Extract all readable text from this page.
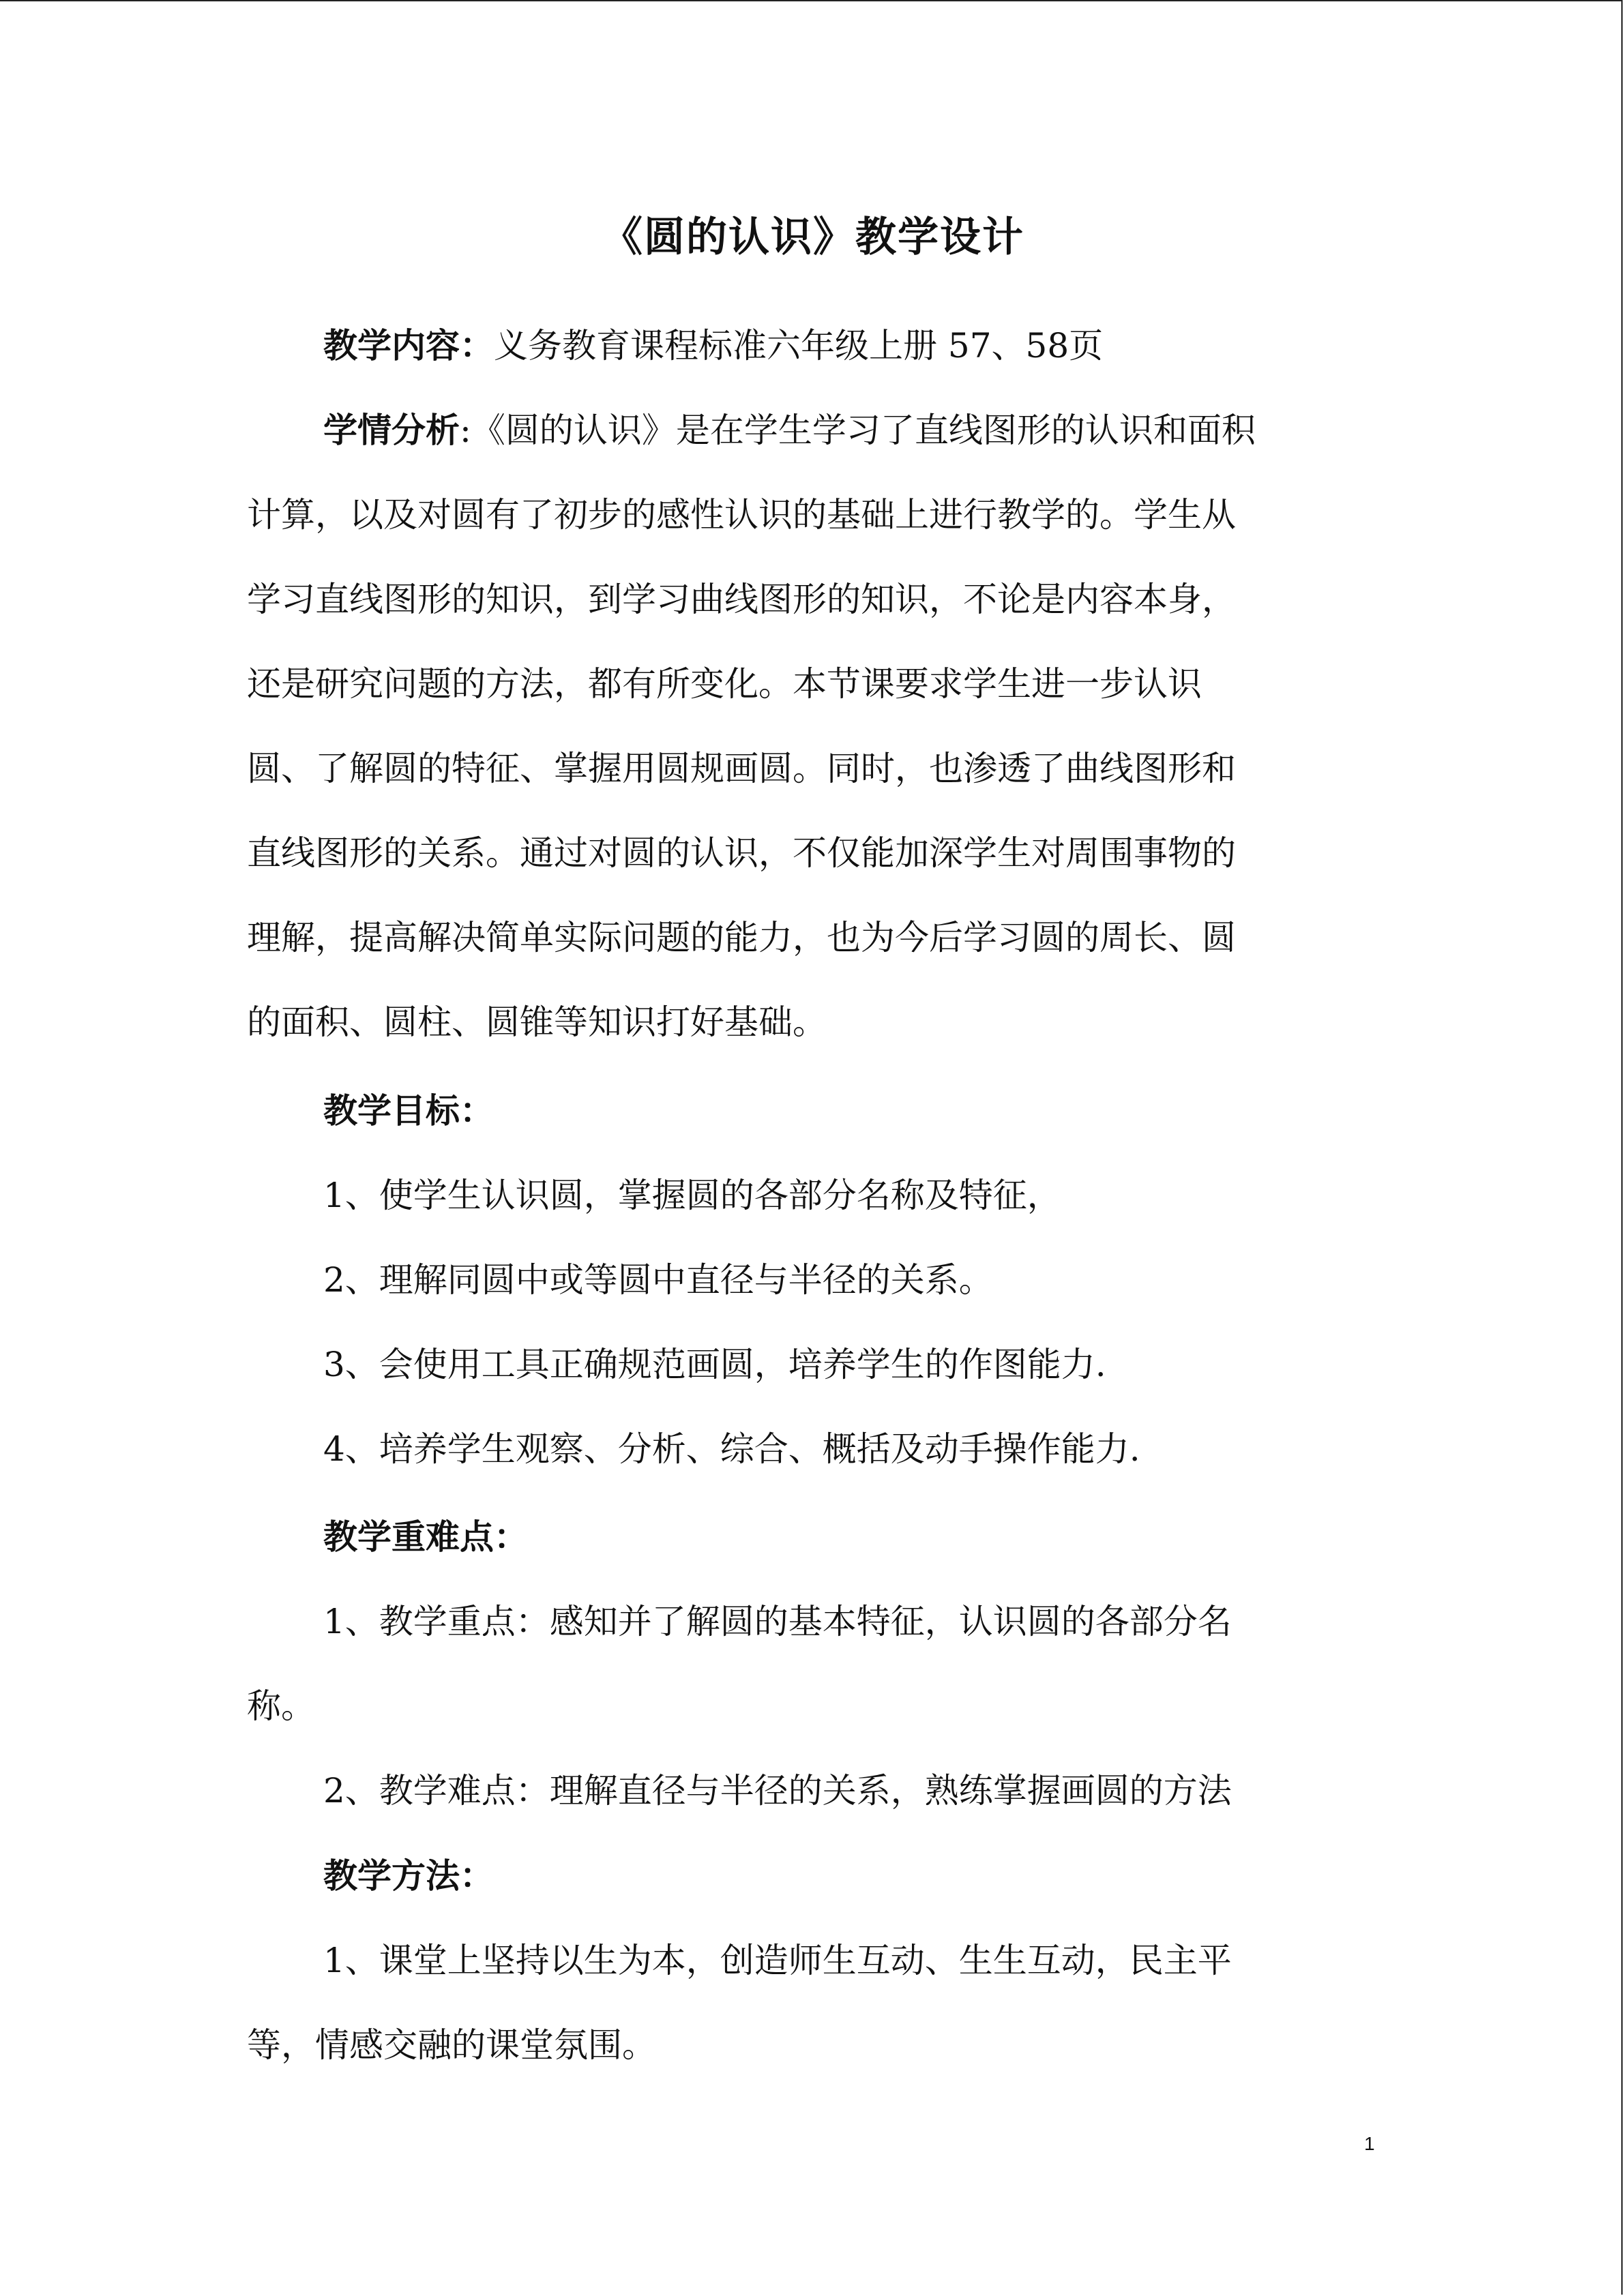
《圆的认识》教学设计
教学内容：义务教育课程标准六年级上册 57、58页
学情分析:《圆的认识》是在学生学习了直线图形的认识和面积
计算，以及对圆有了初步的感性认识的基础上进行教学的。学生从
学习直线图形的知识，到学习曲线图形的知识，不论是内容本身，
还是研究问题的方法，都有所变化。本节课要求学生进一步认识
圆、了解圆的特征、掌握用圆规画圆。同时，也渗透了曲线图形和
直线图形的关系。通过对圆的认识，不仅能加深学生对周围事物的
理解，提高解决简单实际问题的能力，也为今后学习圆的周长、圆
的面积、圆柱、圆锥等知识打好基础。
教学目标：
1、使学生认识圆，掌握圆的各部分名称及特征，
2、理解同圆中或等圆中直径与半径的关系。
3、会使用工具正确规范画圆，培养学生的作图能力.
4、培养学生观察、分析、综合、概括及动手操作能力.
教学重难点：
1、教学重点：感知并了解圆的基本特征，认识圆的各部分名
称。
2、教学难点：理解直径与半径的关系，熟练掌握画圆的方法
教学方法：
1、课堂上坚持以生为本，创造师生互动、生生互动，民主平
等，情感交融的课堂氛围。
1
